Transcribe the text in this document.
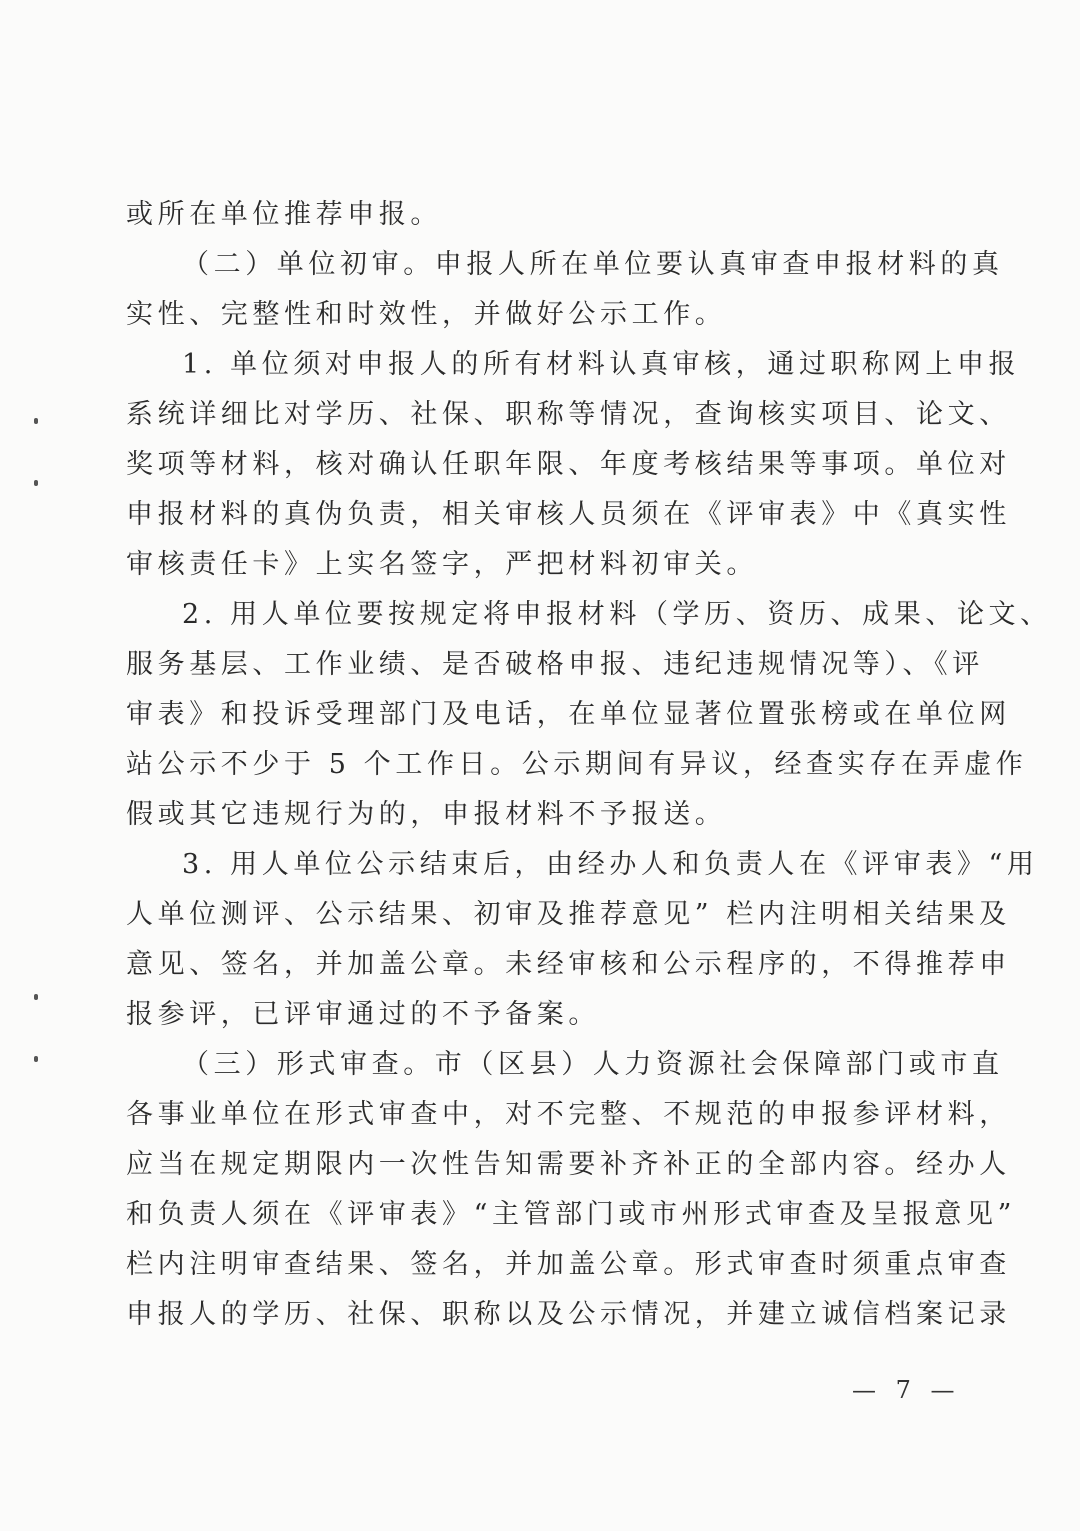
或所在单位推荐申报。
（二）单位初审。申报人所在单位要认真审查申报材料的真
实性、完整性和时效性，并做好公示工作。
1. 单位须对申报人的所有材料认真审核，通过职称网上申报
系统详细比对学历、社保、职称等情况，查询核实项目、论文、
奖项等材料，核对确认任职年限、年度考核结果等事项。单位对
申报材料的真伪负责，相关审核人员须在《评审表》中《真实性
审核责任卡》上实名签字，严把材料初审关。
2. 用人单位要按规定将申报材料（学历、资历、成果、论文、
服务基层、工作业绩、是否破格申报、违纪违规情况等）、《评
审表》和投诉受理部门及电话，在单位显著位置张榜或在单位网
站公示不少于 5 个工作日。公示期间有异议，经查实存在弄虚作
假或其它违规行为的，申报材料不予报送。
3. 用人单位公示结束后，由经办人和负责人在《评审表》“用
人单位测评、公示结果、初审及推荐意见” 栏内注明相关结果及
意见、签名，并加盖公章。未经审核和公示程序的，不得推荐申
报参评，已评审通过的不予备案。
（三）形式审查。市（区县）人力资源社会保障部门或市直
各事业单位在形式审查中，对不完整、不规范的申报参评材料，
应当在规定期限内一次性告知需要补齐补正的全部内容。经办人
和负责人须在《评审表》“主管部门或市州形式审查及呈报意见”
栏内注明审查结果、签名，并加盖公章。形式审查时须重点审查
申报人的学历、社保、职称以及公示情况，并建立诚信档案记录
— 7 —
